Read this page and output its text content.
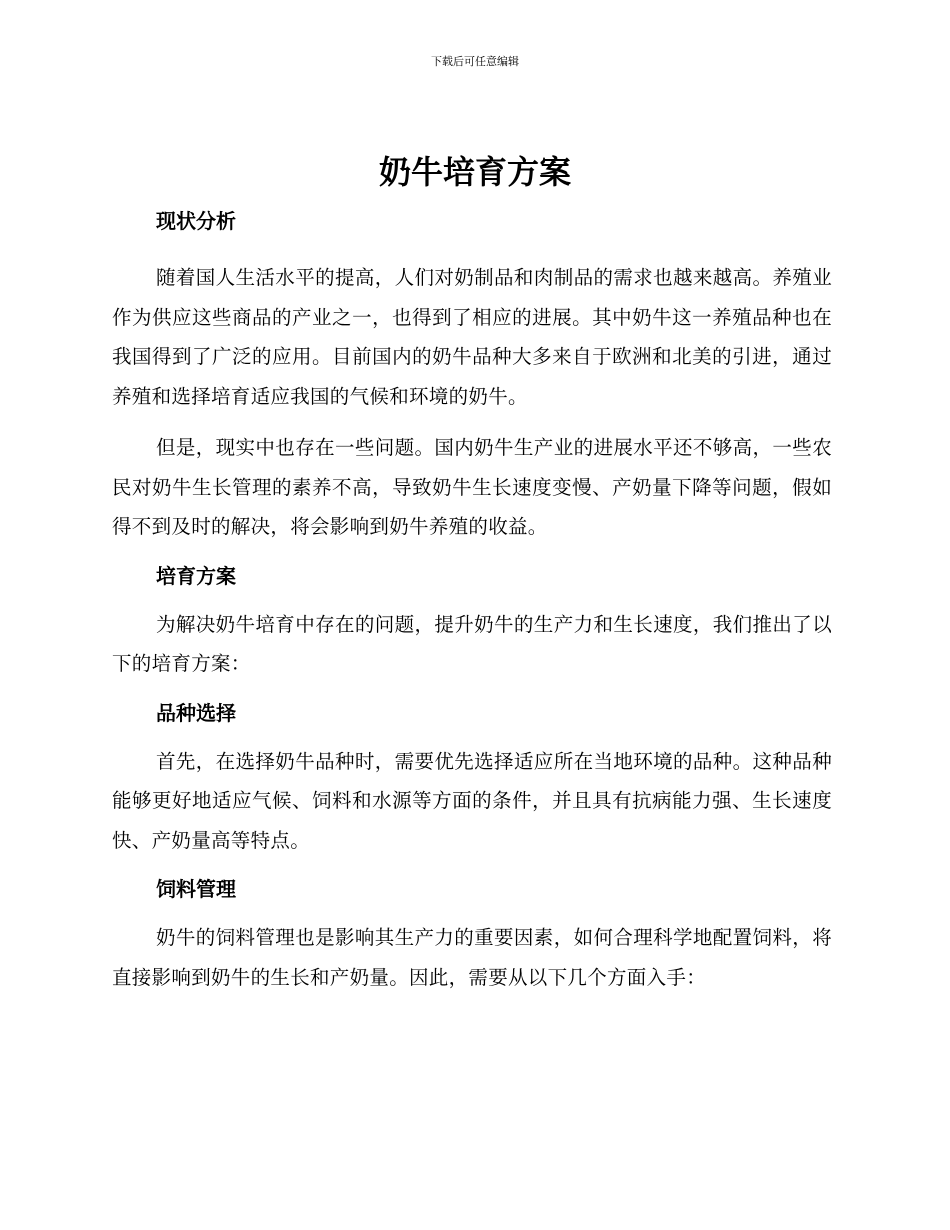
下载后可任意编辑
奶牛培育方案
现状分析

随着国人生活水平的提高，人们对奶制品和肉制品的需求也越来越高。养殖业作为供应这些商品的产业之一，也得到了相应的进展。其中奶牛这一养殖品种也在我国得到了广泛的应用。目前国内的奶牛品种大多来自于欧洲和北美的引进，通过养殖和选择培育适应我国的气候和环境的奶牛。

但是，现实中也存在一些问题。国内奶牛生产业的进展水平还不够高，一些农民对奶牛生长管理的素养不高，导致奶牛生长速度变慢、产奶量下降等问题，假如得不到及时的解决，将会影响到奶牛养殖的收益。

培育方案

为解决奶牛培育中存在的问题，提升奶牛的生产力和生长速度，我们推出了以下的培育方案：

品种选择

首先，在选择奶牛品种时，需要优先选择适应所在当地环境的品种。这种品种能够更好地适应气候、饲料和水源等方面的条件，并且具有抗病能力强、生长速度快、产奶量高等特点。

饲料管理

奶牛的饲料管理也是影响其生产力的重要因素，如何合理科学地配置饲料，将直接影响到奶牛的生长和产奶量。因此，需要从以下几个方面入手：
